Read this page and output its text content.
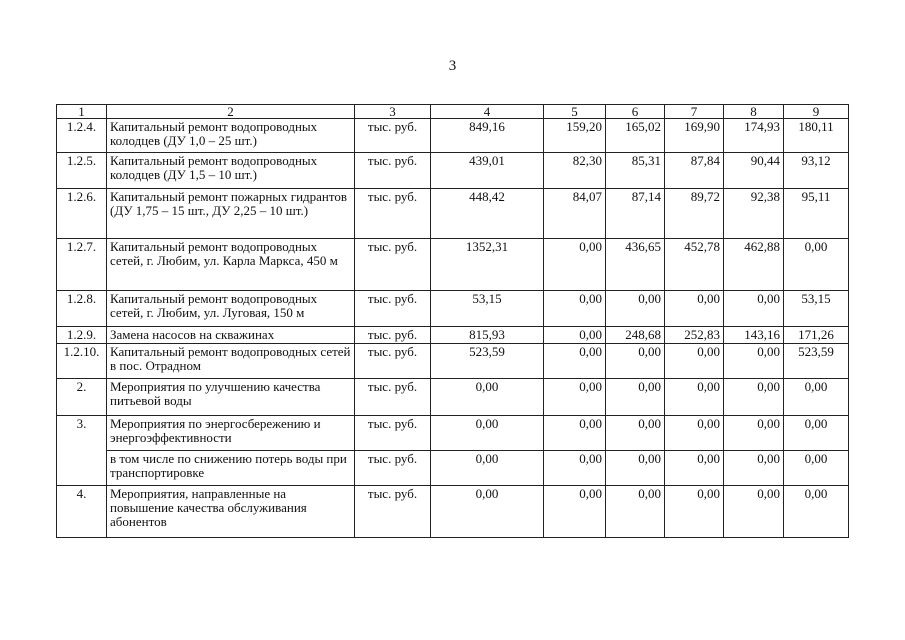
3
1	2	3	4	5	6	7	8	9
1.2.4.	Капитальный ремонт водопроводных колодцев (ДУ 1,0 – 25 шт.)	тыс. руб.	849,16	159,20	165,02	169,90	174,93	180,11
1.2.5.	Капитальный ремонт водопроводных колодцев (ДУ 1,5 – 10 шт.)	тыс. руб.	439,01	82,30	85,31	87,84	90,44	93,12
1.2.6.	Капитальный ремонт пожарных гидрантов (ДУ 1,75 – 15 шт., ДУ 2,25 – 10 шт.)	тыс. руб.	448,42	84,07	87,14	89,72	92,38	95,11
1.2.7.	Капитальный ремонт водопроводных сетей, г. Любим, ул. Карла Маркса, 450 м	тыс. руб.	1352,31	0,00	436,65	452,78	462,88	0,00
1.2.8.	Капитальный ремонт водопроводных сетей, г. Любим, ул. Луговая, 150 м	тыс. руб.	53,15	0,00	0,00	0,00	0,00	53,15
1.2.9.	Замена насосов на скважинах	тыс. руб.	815,93	0,00	248,68	252,83	143,16	171,26
1.2.10.	Капитальный ремонт водопроводных сетей в пос. Отрадном	тыс. руб.	523,59	0,00	0,00	0,00	0,00	523,59
2.	Мероприятия по улучшению качества питьевой воды	тыс. руб.	0,00	0,00	0,00	0,00	0,00	0,00
3.	Мероприятия по энергосбережению и энергоэффективности	тыс. руб.	0,00	0,00	0,00	0,00	0,00	0,00
	в том числе по снижению потерь воды при транспортировке	тыс. руб.	0,00	0,00	0,00	0,00	0,00	0,00
4.	Мероприятия, направленные на повышение качества обслуживания абонентов	тыс. руб.	0,00	0,00	0,00	0,00	0,00	0,00
